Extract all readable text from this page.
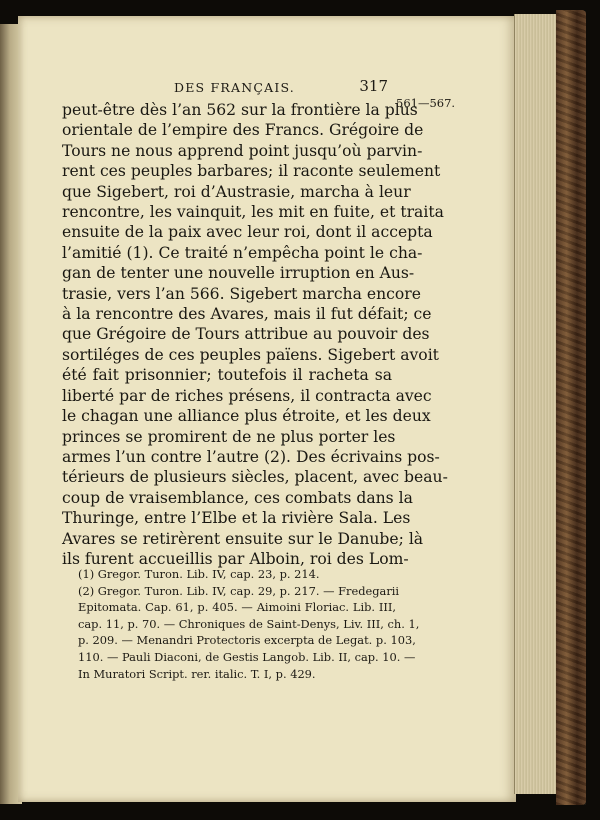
DES FRANÇAIS.	317
561—567.
peut-être dès l’an 562 sur la frontière la plus
orientale de l’empire des Francs. Grégoire de
Tours ne nous apprend point jusqu’où parvin-
rent ces peuples barbares; il raconte seulement
que Sigebert, roi d’Austrasie, marcha à leur
rencontre, les vainquit, les mit en fuite, et traita
ensuite de la paix avec leur roi, dont il accepta
l’amitié (1). Ce traité n’empêcha point le cha-
gan de tenter une nouvelle irruption en Aus-
trasie, vers l’an 566. Sigebert marcha encore
à la rencontre des Avares, mais il fut défait; ce
que Grégoire de Tours attribue au pouvoir des
sortiléges de ces peuples païens. Sigebert avoit
été fait prisonnier; toutefois il racheta sa
liberté par de riches présens, il contracta avec
le chagan une alliance plus étroite, et les deux
princes se promirent de ne plus porter les
armes l’un contre l’autre (2). Des écrivains pos-
térieurs de plusieurs siècles, placent, avec beau-
coup de vraisemblance, ces combats dans la
Thuringe, entre l’Elbe et la rivière Sala. Les
Avares se retirèrent ensuite sur le Danube; là
ils furent accueillis par Alboin, roi des Lom-
(1) Gregor. Turon. Lib. IV, cap. 23, p. 214.
(2) Gregor. Turon. Lib. IV, cap. 29, p. 217. — Fredegarii
Epitomata. Cap. 61, p. 405. — Aimoini Floriac. Lib. III,
cap. 11, p. 70. — Chroniques de Saint-Denys, Liv. III, ch. 1,
p. 209. — Menandri Protectoris excerpta de Legat. p. 103,
110. — Pauli Diaconi, de Gestis Langob. Lib. II, cap. 10. —
In Muratori Script. rer. italic. T. I, p. 429.
